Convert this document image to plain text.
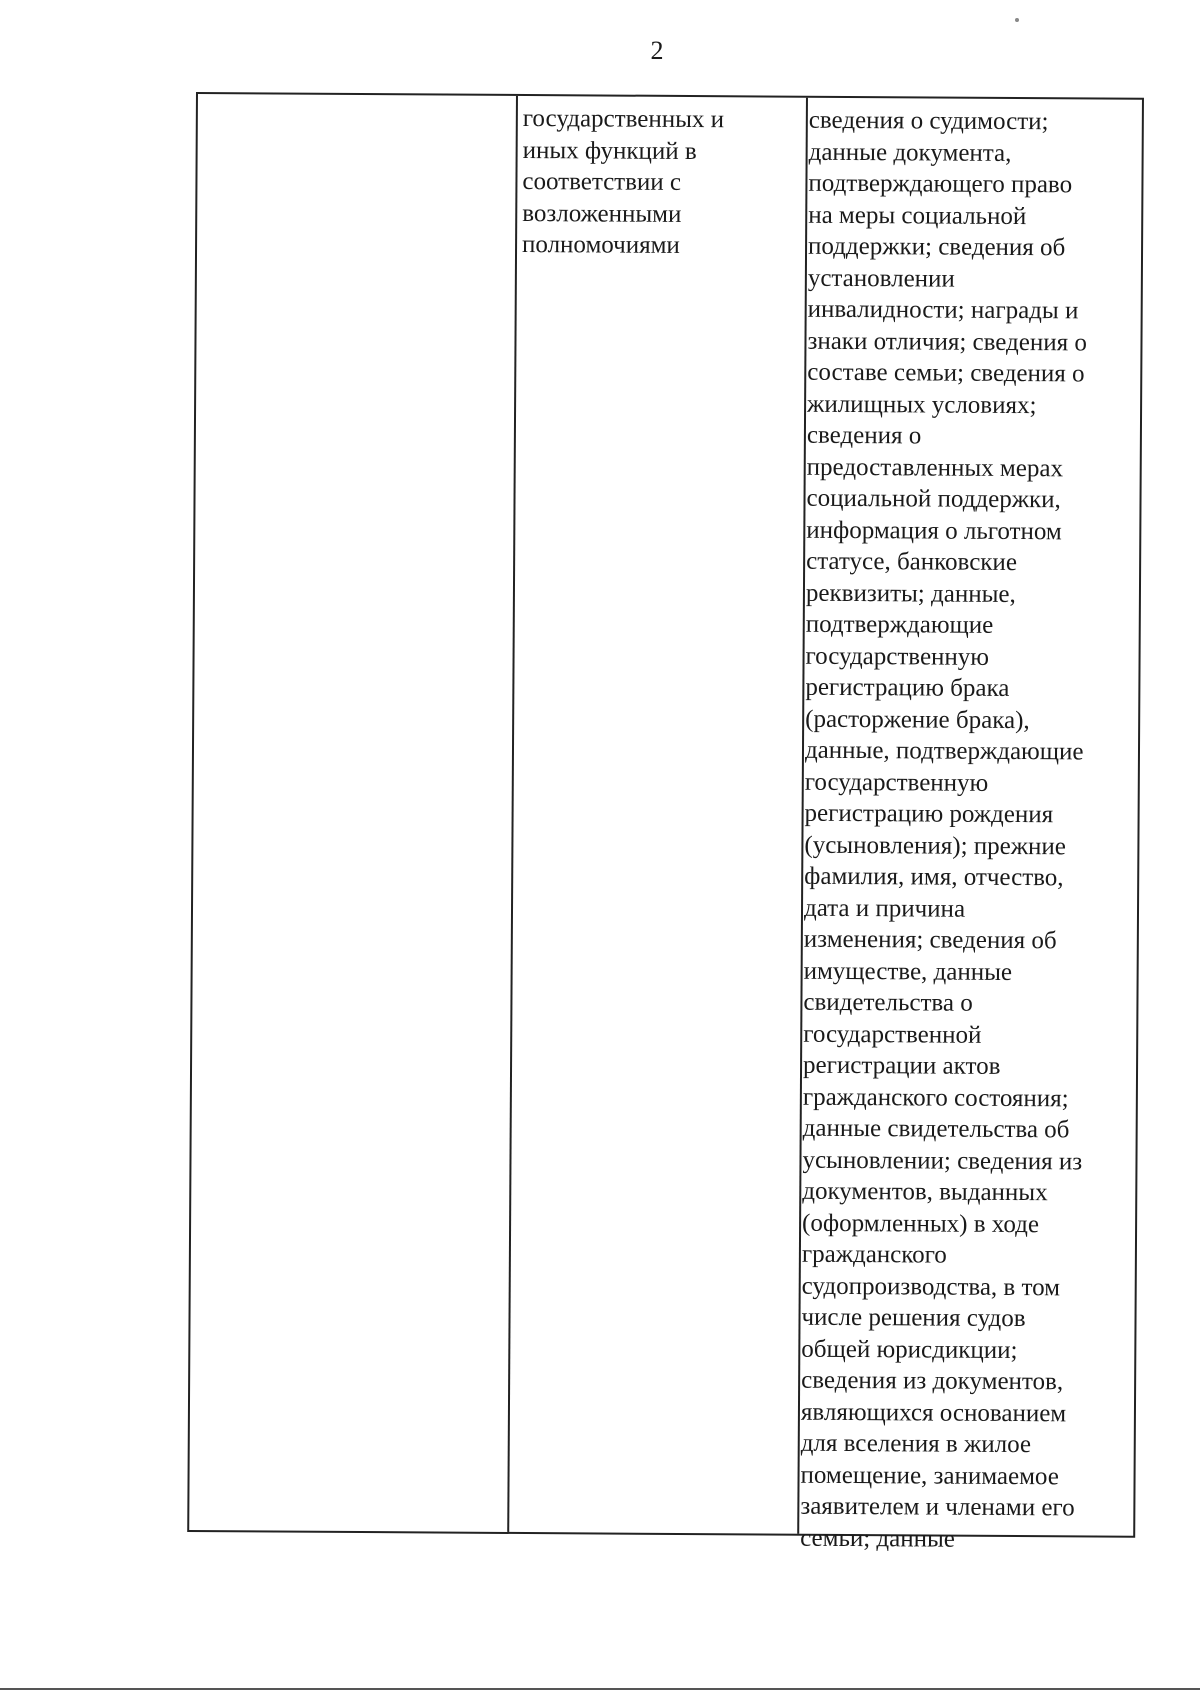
2

государственных и
иных функций в
соответствии с
возложенными
полномочиями

сведения о судимости;
данные документа,
подтверждающего право
на меры социальной
поддержки; сведения об
установлении
инвалидности; награды и
знаки отличия; сведения о
составе семьи; сведения о
жилищных условиях;
сведения о
предоставленных мерах
социальной поддержки,
информация о льготном
статусе, банковские
реквизиты; данные,
подтверждающие
государственную
регистрацию брака
(расторжение брака),
данные, подтверждающие
государственную
регистрацию рождения
(усыновления); прежние
фамилия, имя, отчество,
дата и причина
изменения; сведения об
имуществе, данные
свидетельства о
государственной
регистрации актов
гражданского состояния;
данные свидетельства об
усыновлении; сведения из
документов, выданных
(оформленных) в ходе
гражданского
судопроизводства, в том
числе решения судов
общей юрисдикции;
сведения из документов,
являющихся основанием
для вселения в жилое
помещение, занимаемое
заявителем и членами его
семьи; данные
